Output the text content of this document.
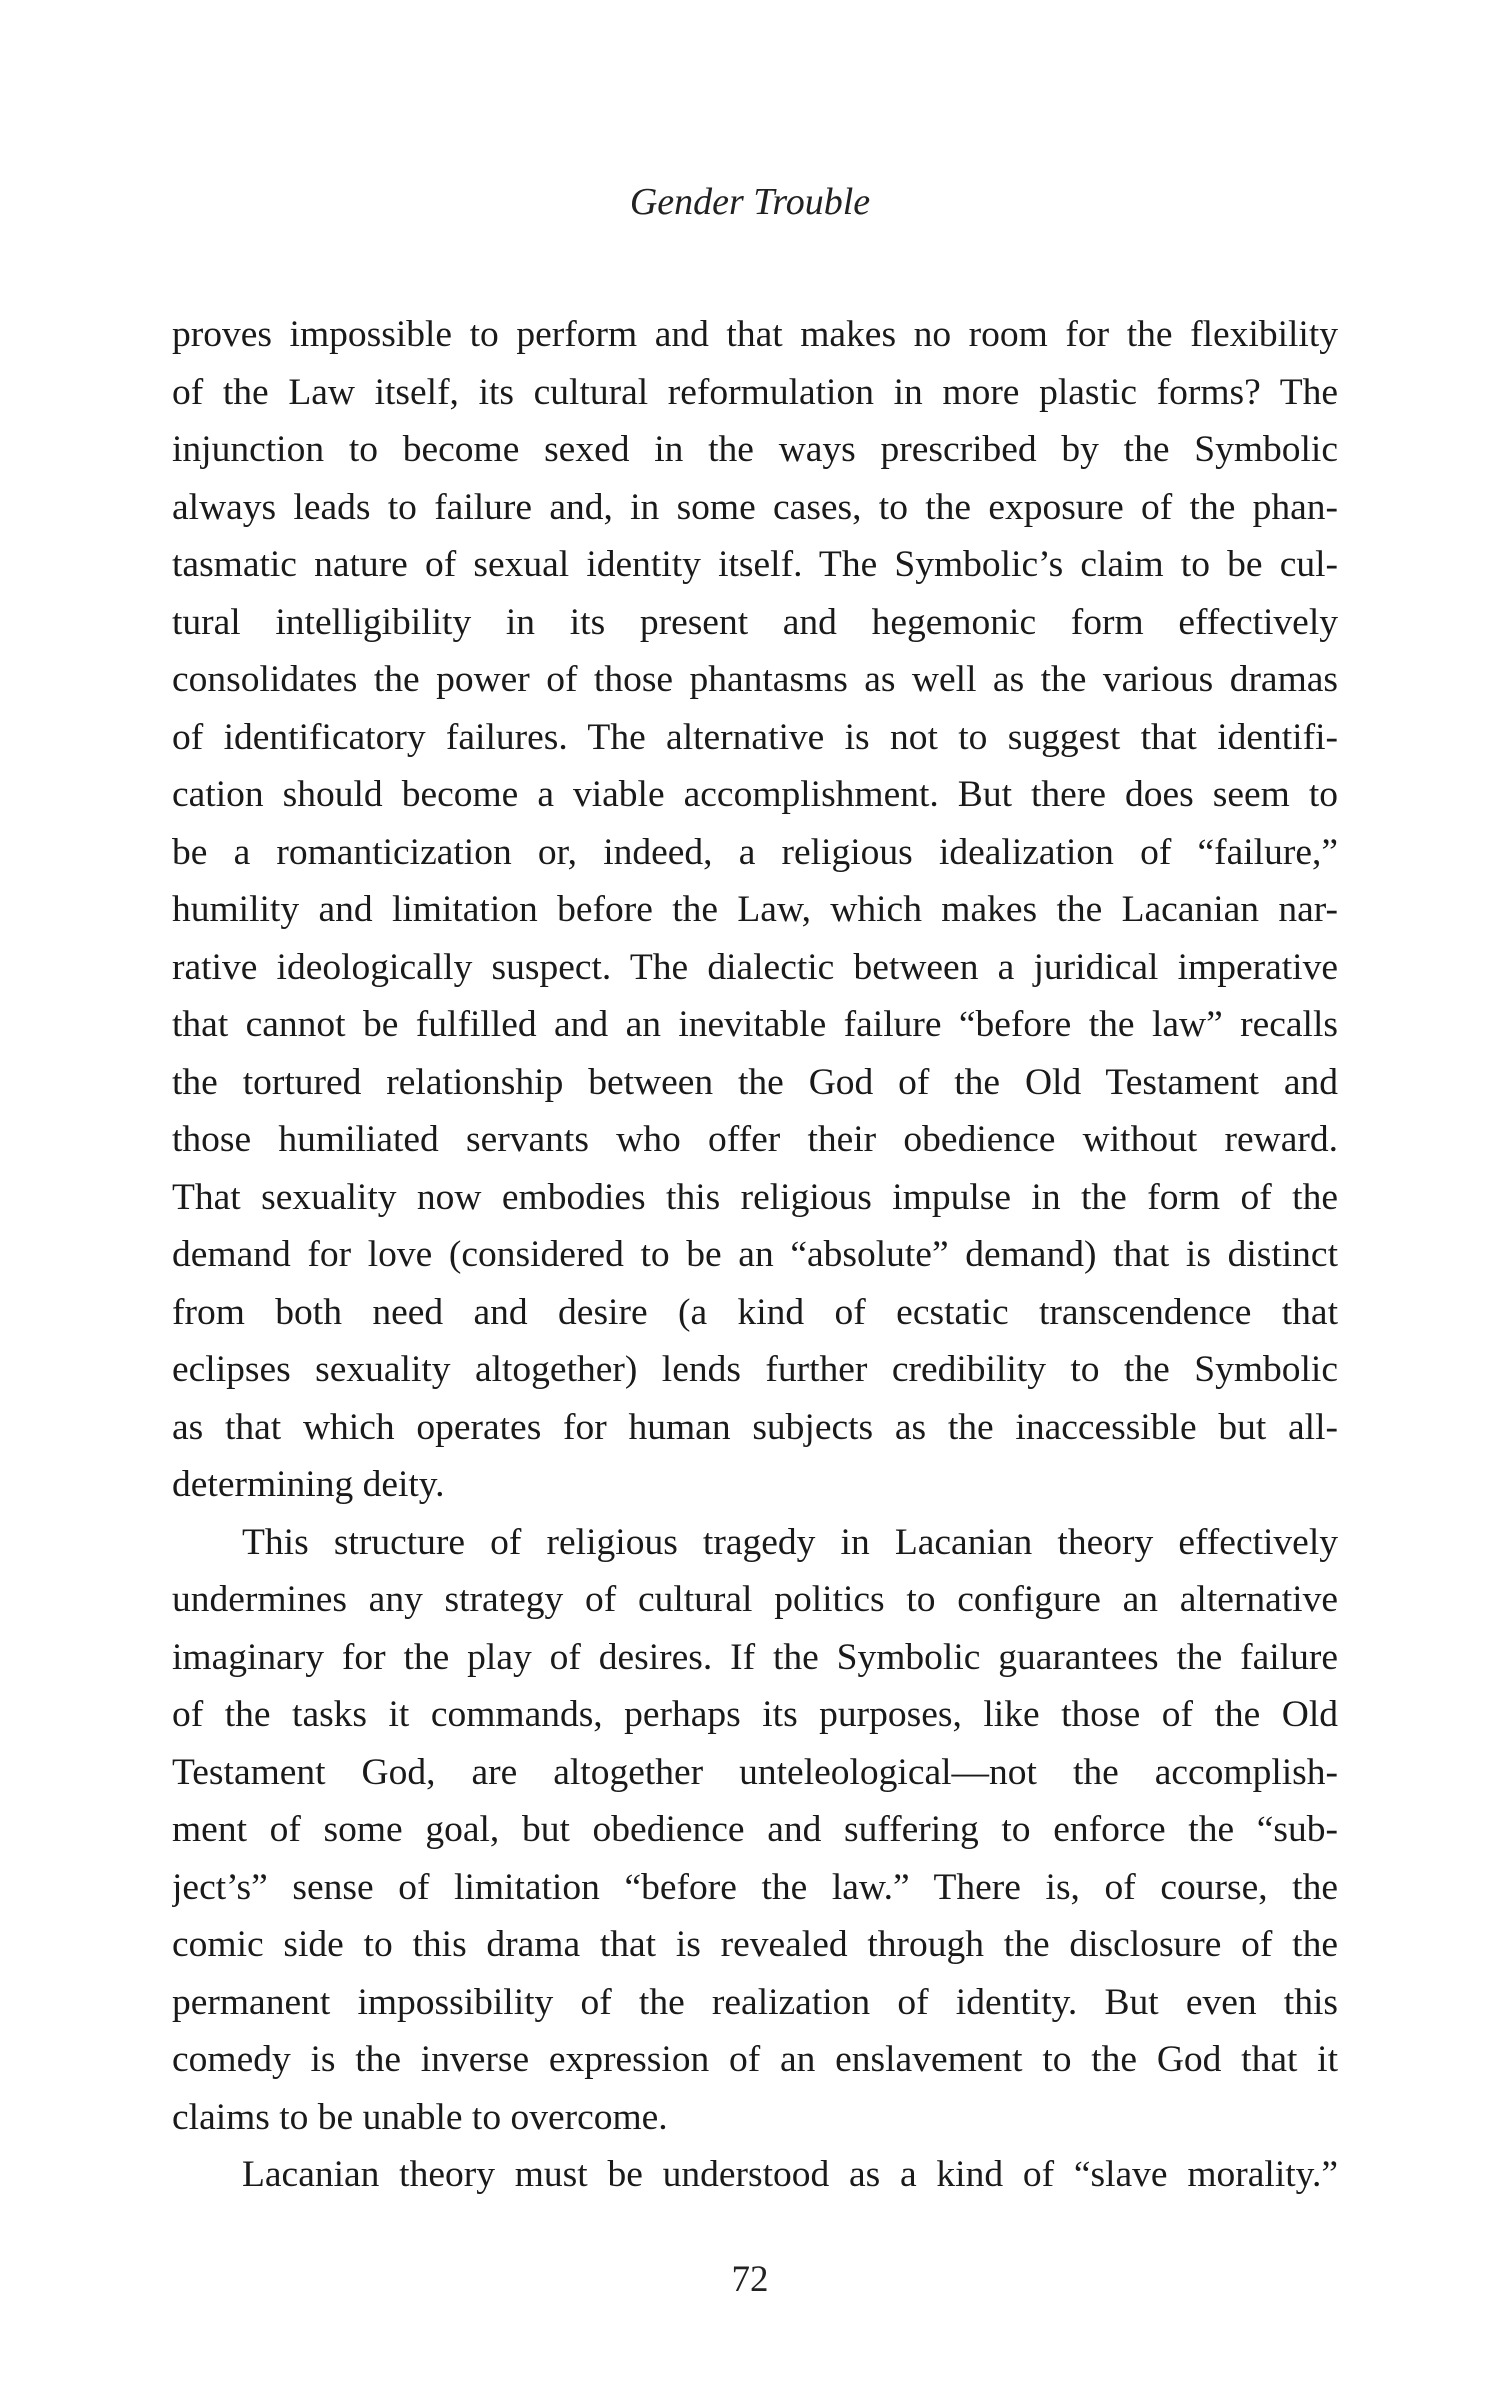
Gender Trouble
proves impossible to perform and that makes no room for the flexibility
of the Law itself, its cultural reformulation in more plastic forms? The
injunction to become sexed in the ways prescribed by the Symbolic
always leads to failure and, in some cases, to the exposure of the phan-
tasmatic nature of sexual identity itself. The Symbolic’s claim to be cul-
tural intelligibility in its present and hegemonic form effectively
consolidates the power of those phantasms as well as the various dramas
of identificatory failures. The alternative is not to suggest that identifi-
cation should become a viable accomplishment. But there does seem to
be a romanticization or, indeed, a religious idealization of “failure,”
humility and limitation before the Law, which makes the Lacanian nar-
rative ideologically suspect. The dialectic between a juridical imperative
that cannot be fulfilled and an inevitable failure “before the law” recalls
the tortured relationship between the God of the Old Testament and
those humiliated servants who offer their obedience without reward.
That sexuality now embodies this religious impulse in the form of the
demand for love (considered to be an “absolute” demand) that is distinct
from both need and desire (a kind of ecstatic transcendence that
eclipses sexuality altogether) lends further credibility to the Symbolic
as that which operates for human subjects as the inaccessible but all-
determining deity.
This structure of religious tragedy in Lacanian theory effectively
undermines any strategy of cultural politics to configure an alternative
imaginary for the play of desires. If the Symbolic guarantees the failure
of the tasks it commands, perhaps its purposes, like those of the Old
Testament God, are altogether unteleological—not the accomplish-
ment of some goal, but obedience and suffering to enforce the “sub-
ject’s” sense of limitation “before the law.” There is, of course, the
comic side to this drama that is revealed through the disclosure of the
permanent impossibility of the realization of identity. But even this
comedy is the inverse expression of an enslavement to the God that it
claims to be unable to overcome.
Lacanian theory must be understood as a kind of “slave morality.”
72
